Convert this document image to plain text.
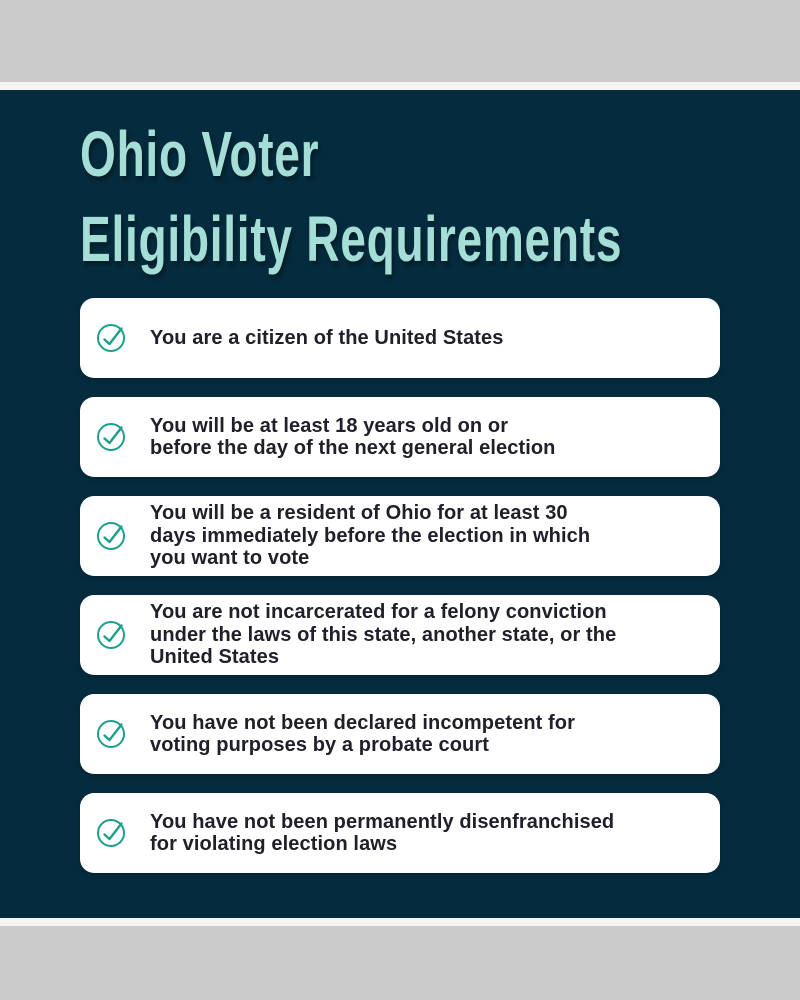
Ohio Voter
Eligibility Requirements
You are a citizen of the United States
You will be at least 18 years old on or
before the day of the next general election
You will be a resident of Ohio for at least 30
days immediately before the election in which
you want to vote
You are not incarcerated for a felony conviction
under the laws of this state, another state, or the
United States
You have not been declared incompetent for
voting purposes by a probate court
You have not been permanently disenfranchised
for violating election laws
